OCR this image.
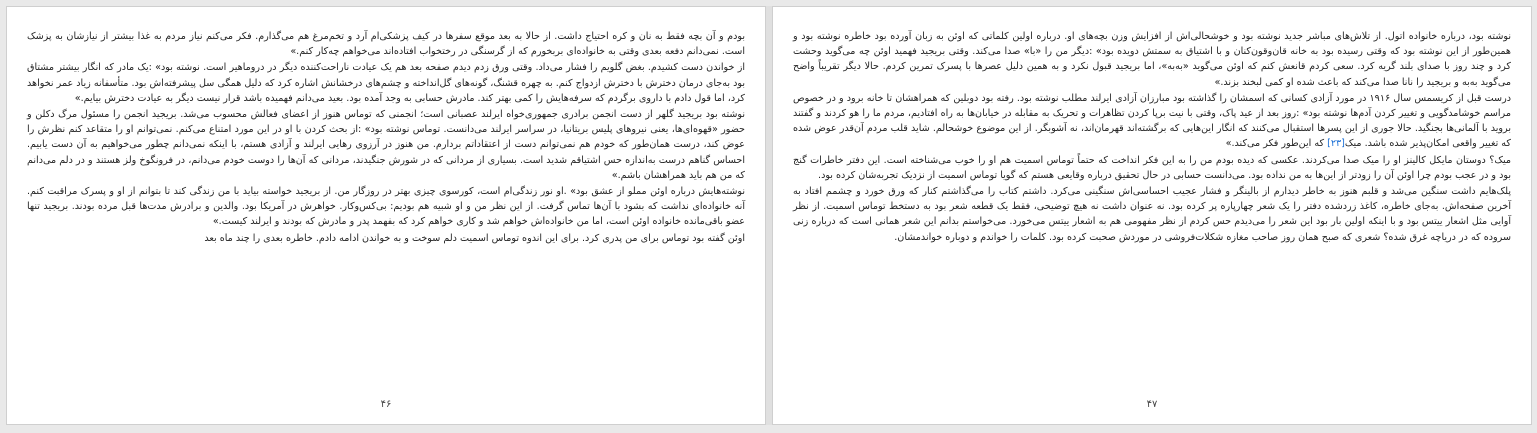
بودم و آن بچه فقط به نان و کره احتیاج داشت. از حالا به بعد موقع سفرها در کیف پزشکی‌ام آرد و تخم‌مرغ هم می‌گذارم. فکر می‌کنم نیاز مردم به غذا بیشتر از نیازشان به پزشک است. نمی‌دانم دفعه بعدی وقتی به خانواده‌ای بربخورم که از گرسنگی در رختخواب افتاده‌اند می‌خواهم چه‌کار کنم.»

از خواندن دست کشیدم. بغض گلویم را فشار می‌داد. وقتی ورق زدم دیدم صفحه بعد هم یک عیادت ناراحت‌کننده دیگر در دروماهیر است. نوشته بود» :یک مادر که انگار بیشتر مشتاق بود به‌جای درمان دخترش با دخترش ازدواج کنم. به چهره قشنگ، گونه‌های گل‌انداخته و چشم‌های درخشانش اشاره کرد که دلیل همگی سل پیشرفته‌اش بود. متأسفانه زیاد عمر نخواهد کرد، اما قول دادم با داروی برگردم که سرفه‌هایش را کمی بهتر کند. مادرش حسابی به وجد آمده بود. بعید می‌دانم فهمیده باشد قرار نیست دیگر به عیادت دخترش بیایم.»

نوشته بود بریجید گلهر از دست انجمن برادری جمهوری‌خواه ایرلند عصبانی است؛ انجمنی که توماس هنوز از اعضای فعالش محسوب می‌شد. بریجید انجمن را مسئول مرگ دکلن و حضور «قهوه‌ای‌ها، یعنی نیروهای پلیس بریتانیا، در سراسر ایرلند می‌دانست. توماس نوشته بود» :از بحث کردن با او در این مورد امتناع می‌کنم. نمی‌توانم او را متقاعد کنم نظرش را عوض کند، درست همان‌طور که خودم هم نمی‌توانم دست از اعتقاداتم بردارم. من هنوز در آرزوی رهایی ایرلند و آزادی هستم، با اینکه نمی‌دانم چطور می‌خواهیم به آن دست یابیم. احساس گناهم درست به‌اندازه حس اشتیاقم شدید است. بسیاری از مردانی که در شورش جنگیدند، مردانی که آن‌ها را دوست خودم می‌دانم، در فرونگوخ ولز هستند و در دلم می‌دانم که من هم باید همراهشان باشم.»

نوشته‌هایش درباره اوئن مملو از عشق بود» .او نور زندگی‌ام است، کورسوی چیزی بهتر در روزگار من. از بریجید خواسته بیاید با من زندگی کند تا بتوانم از او و پسرک مراقبت کنم. آنه خانواده‌ای نداشت که بشود با آن‌ها تماس گرفت. از این نظر من و او شبیه هم بودیم: بی‌کس‌وکار. خواهرش در آمریکا بود. والدین و برادرش مدت‌ها قبل مرده بودند. بریجید تنها عضو باقی‌مانده خانواده اوئن است، اما من خانواده‌اش خواهم شد و کاری خواهم کرد که بفهمد پدر و مادرش که بودند و ایرلند کیست.»

اوئن گفته بود توماس برای من پدری کرد. برای این اندوه توماس اسمیت دلم سوخت و به خواندن ادامه دادم. خاطره بعدی را چند ماه بعد

۴۶

نوشته بود، درباره خانواده اتول. از تلاش‌های مباشر جدید نوشته بود و خوشحالی‌اش از افزایش وزن بچه‌های او. درباره اولین کلماتی که اوئن به زبان آورده بود خاطره نوشته بود و همین‌طور از این نوشته بود که وقتی رسیده بود به خانه قان‌وقون‌کنان و با اشتیاق به سمتش دویده بود» :دیگر من را «با» صدا می‌کند. وقتی بریجید فهمید اوئن چه می‌گوید وحشت کرد و چند روز با صدای بلند گریه کرد. سعی کردم قانعش کنم که اوئن می‌گوید «به‌به»، اما بریجید قبول نکرد و به همین دلیل عصرها با پسرک تمرین کردم. حالا دیگر تقریباً واضح می‌گوید به‌به و بریجید را نانا صدا می‌کند که باعث شده او کمی لبخند بزند.»

درست قبل از کریسمس سال ۱۹۱۶ در مورد آزادی کسانی که اسمشان را گذاشته بود مبارزان آزادی ایرلند مطلب نوشته بود. رفته بود دوبلین که همراهشان تا خانه برود و در خصوص مراسم خوشامدگویی و تغییر کردن آدم‌ها نوشته بود» :روز بعد از عید پاک، وقتی با نیت برپا کردن تظاهرات و تحریک به مقابله در خیابان‌ها به راه افتادیم، مردم ما را هو کردند و گفتند بروید با آلمانی‌ها بجنگید. حالا جوری از این پسرها استقبال می‌کنند که انگار این‌هایی که برگشته‌اند قهرمان‌اند، نه آشوبگر. از این موضوع خوشحالم. شاید قلب مردم آن‌قدر عوض شده که تغییر واقعی امکان‌پذیر شده باشد. میک[۲۳] که این‌طور فکر می‌کند.»

میک؟ دوستان مایکل کالینز او را میک صدا می‌کردند. عکسی که دیده بودم من را به این فکر انداخت که حتماً توماس اسمیت هم او را خوب می‌شناخته است. این دفتر خاطرات گنج بود و در عجب بودم چرا اوئن آن را زودتر از این‌ها به من نداده بود. می‌دانست حسابی در حال تحقیق درباره وقایعی هستم که گویا توماس اسمیت از نزدیک تجربه‌شان کرده بود.

پلک‌هایم داشت سنگین می‌شد و قلبم هنوز به خاطر دیدارم از بالینگر و فشار عجیب احساسی‌اش سنگینی می‌کرد. داشتم کتاب را می‌گذاشتم کنار که ورق خورد و چشمم افتاد به آخرین صفحه‌اش. به‌جای خاطره، کاغذ زردشده دفتر را یک شعر چهارپاره پر کرده بود. نه عنوان داشت نه هیچ توضیحی، فقط یک قطعه شعر بود به دستخط توماس اسمیت. از نظر آوایی مثل اشعار ییتس بود و با اینکه اولین بار بود این شعر را می‌دیدم حس کردم از نظر مفهومی هم به اشعار ییتس می‌خورد. می‌خواستم بدانم این شعر همانی است که درباره زنی سروده که در دریاچه غرق شده؟ شعری که صبح همان روز صاحب مغازه شکلات‌فروشی در موردش صحبت کرده بود. کلمات را خواندم و دوباره خواندمشان.

۴۷
